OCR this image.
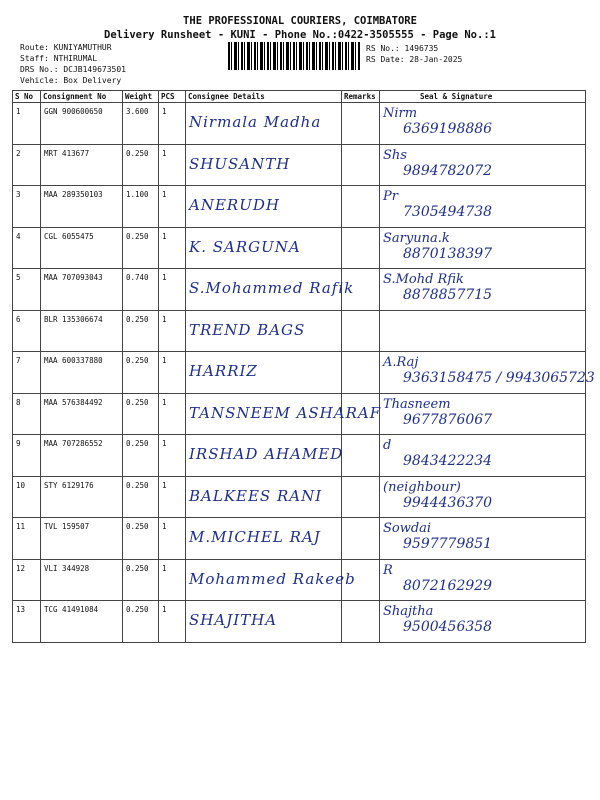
THE PROFESSIONAL COURIERS, COIMBATORE
Delivery Runsheet - KUNI - Phone No.:0422-3505555 - Page No.:1
Route: KUNIYAMUTHUR
Staff: NTHIRUMAL
DRS No.: DCJB149673501
Vehicle: Box Delivery
RS No.: 1496735
RS Date: 28-Jan-2025
S No	Consignment No	Weight	PCS	Consignee Details	Remarks	Seal & Signature
1	GGN 900600650	3.600	1	Nirmala Madha		Nirm
6369198886

2	MRT 413677	0.250	1	SHUSANTH		Shs
9894782072

3	MAA 289350103	1.100	1	ANERUDH		Pr
7305494738

4	CGL 6055475	0.250	1	K. SARGUNA		Saryuna.k
8870138397

5	MAA 707093043	0.740	1	S.Mohammed Rafik		S.Mohd Rfik
8878857715

6	BLR 135306674	0.250	1	TREND BAGS		

7	MAA 600337880	0.250	1	HARRIZ		A.Raj
9363158475 / 9943065723

8	MAA 576384492	0.250	1	TANSNEEM ASHARAF		Thasneem
9677876067

9	MAA 707286552	0.250	1	IRSHAD AHAMED		d
9843422234

10	STY 6129176	0.250	1	BALKEES RANI		(neighbour)
9944436370

11	TVL 159507	0.250	1	M.MICHEL RAJ		Sowdai
9597779851

12	VLI 344928	0.250	1	Mohammed Rakeeb		R
8072162929

13	TCG 41491084	0.250	1	SHAJITHA		Shajtha
9500456358
